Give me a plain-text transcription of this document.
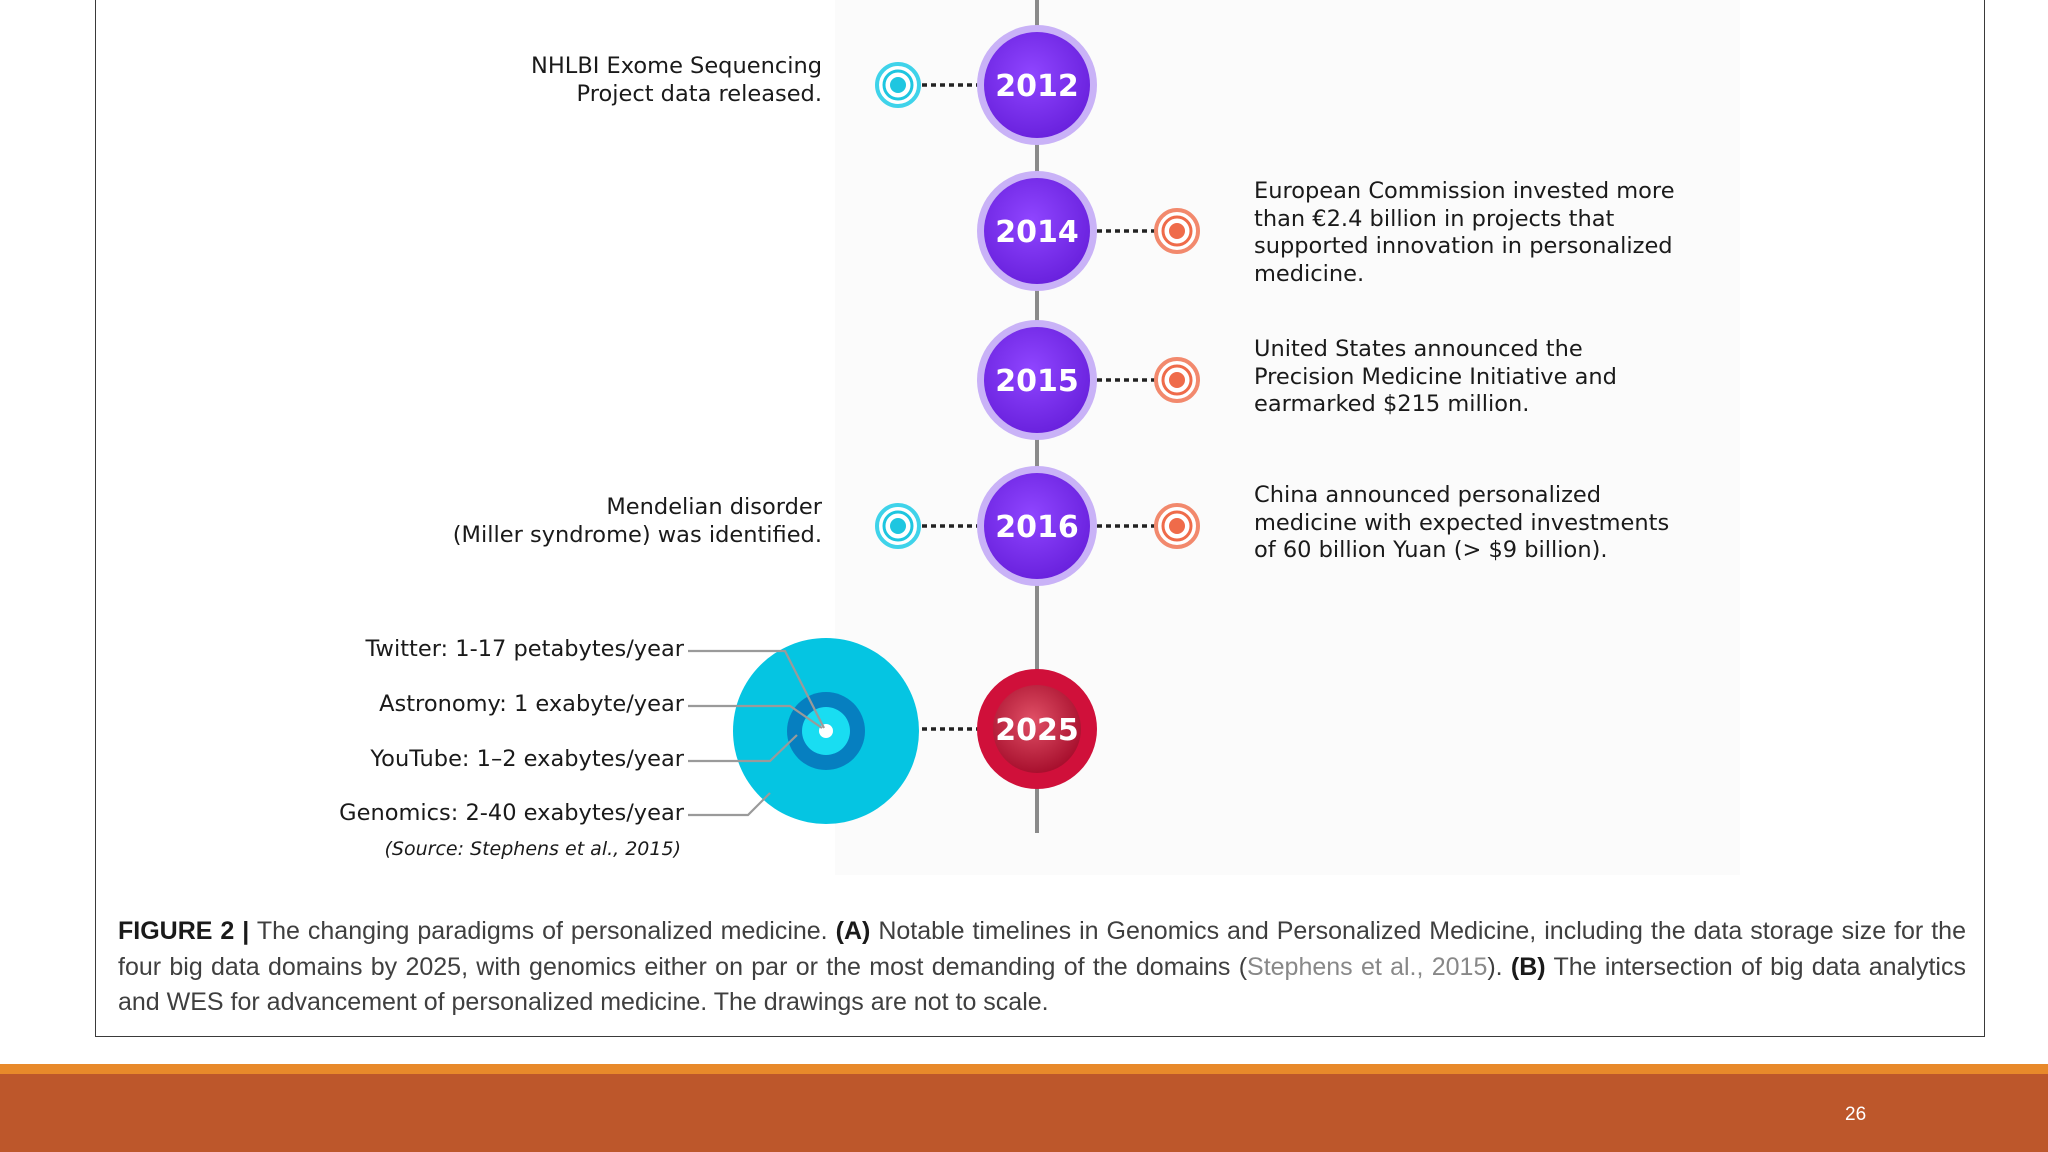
2012
2014
2015
2016
2025
NHLBI Exome Sequencing
Project data released.
European Commission invested more
than €2.4 billion in projects that
supported innovation in personalized
medicine.
United States announced the
Precision Medicine Initiative and
earmarked $215 million.
Mendelian disorder
(Miller syndrome) was identified.
China announced personalized
medicine with expected investments
of 60 billion Yuan (> $9 billion).
Twitter: 1-17 petabytes/year
Astronomy: 1 exabyte/year
YouTube: 1–2 exabytes/year
Genomics: 2-40 exabytes/year
(Source: Stephens et al., 2015)
FIGURE 2 | The changing paradigms of personalized medicine. (A) Notable timelines in Genomics and Personalized Medicine, including the data storage size for the four big data domains by 2025, with genomics either on par or the most demanding of the domains (Stephens et al., 2015). (B) The intersection of big data analytics and WES for advancement of personalized medicine. The drawings are not to scale.
26
